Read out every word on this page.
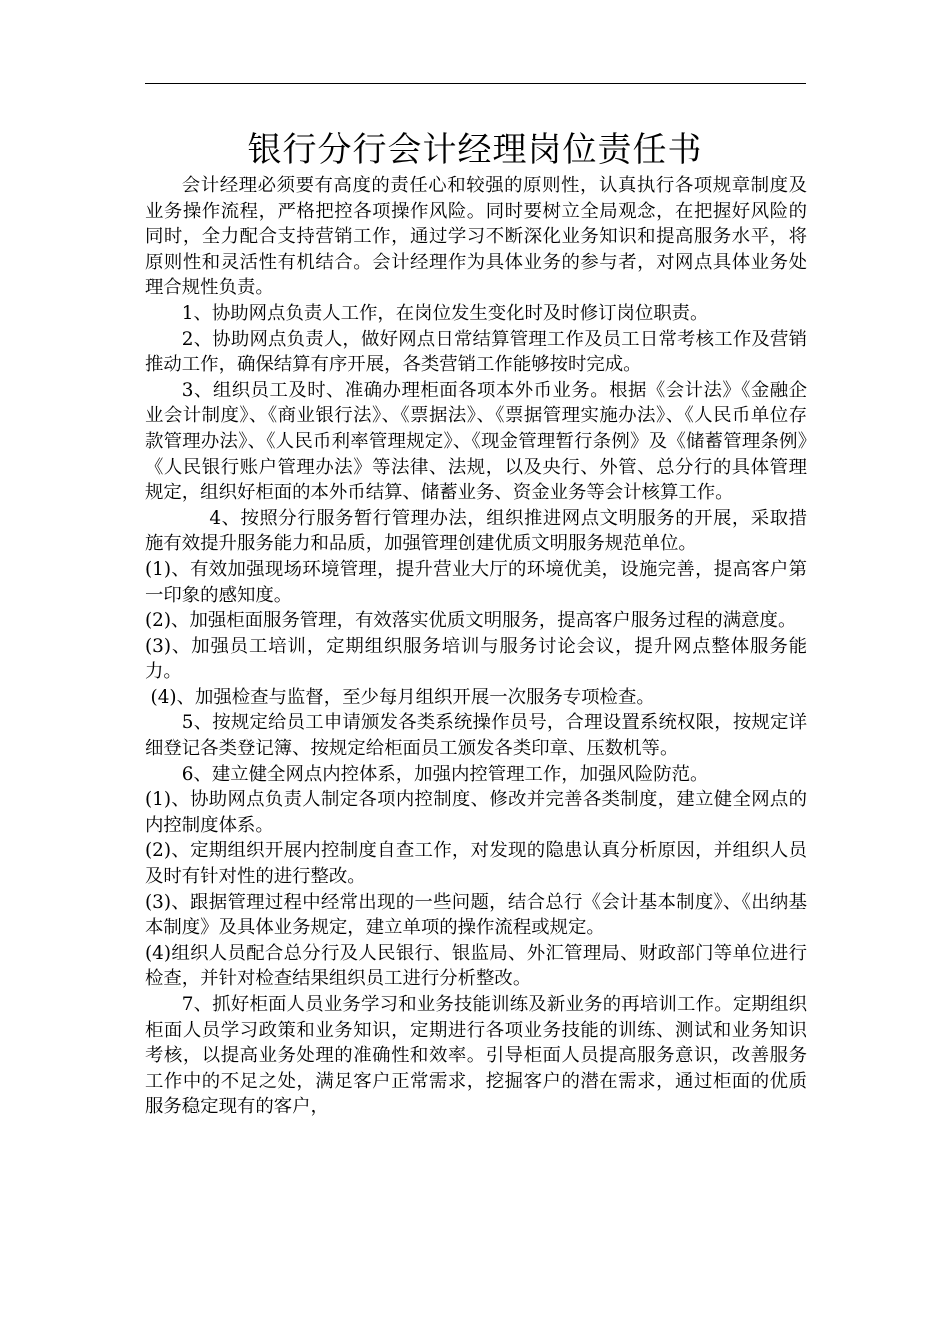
银行分行会计经理岗位责任书

会计经理必须要有高度的责任心和较强的原则性，认真执行各项规章制度及业务操作流程，严格把控各项操作风险。同时要树立全局观念，在把握好风险的同时，全力配合支持营销工作，通过学习不断深化业务知识和提高服务水平，将原则性和灵活性有机结合。会计经理作为具体业务的参与者，对网点具体业务处理合规性负责。

1、协助网点负责人工作，在岗位发生变化时及时修订岗位职责。

2、协助网点负责人，做好网点日常结算管理工作及员工日常考核工作及营销推动工作，确保结算有序开展，各类营销工作能够按时完成。

3、组织员工及时、准确办理柜面各项本外币业务。根据《会计法》《金融企业会计制度》、《商业银行法》、《票据法》、《票据管理实施办法》、《人民币单位存款管理办法》、《人民币利率管理规定》、《现金管理暂行条例》及《储蓄管理条例》《人民银行账户管理办法》等法律、法规，以及央行、外管、总分行的具体管理规定，组织好柜面的本外币结算、储蓄业务、资金业务等会计核算工作。

4、按照分行服务暂行管理办法，组织推进网点文明服务的开展，采取措施有效提升服务能力和品质，加强管理创建优质文明服务规范单位。

(1)、有效加强现场环境管理，提升营业大厅的环境优美，设施完善，提高客户第一印象的感知度。

(2)、加强柜面服务管理，有效落实优质文明服务，提高客户服务过程的满意度。

(3)、加强员工培训，定期组织服务培训与服务讨论会议，提升网点整体服务能力。

(4)、加强检查与监督，至少每月组织开展一次服务专项检查。

5、按规定给员工申请颁发各类系统操作员号，合理设置系统权限，按规定详细登记各类登记簿、按规定给柜面员工颁发各类印章、压数机等。

6、建立健全网点内控体系，加强内控管理工作，加强风险防范。

(1)、协助网点负责人制定各项内控制度、修改并完善各类制度，建立健全网点的内控制度体系。

(2)、定期组织开展内控制度自查工作，对发现的隐患认真分析原因，并组织人员及时有针对性的进行整改。

(3)、跟据管理过程中经常出现的一些问题，结合总行《会计基本制度》、《出纳基本制度》及具体业务规定，建立单项的操作流程或规定。

(4)组织人员配合总分行及人民银行、银监局、外汇管理局、财政部门等单位进行检查，并针对检查结果组织员工进行分析整改。

7、抓好柜面人员业务学习和业务技能训练及新业务的再培训工作。定期组织柜面人员学习政策和业务知识，定期进行各项业务技能的训练、测试和业务知识考核，以提高业务处理的准确性和效率。引导柜面人员提高服务意识，改善服务工作中的不足之处，满足客户正常需求，挖掘客户的潜在需求，通过柜面的优质服务稳定现有的客户，
